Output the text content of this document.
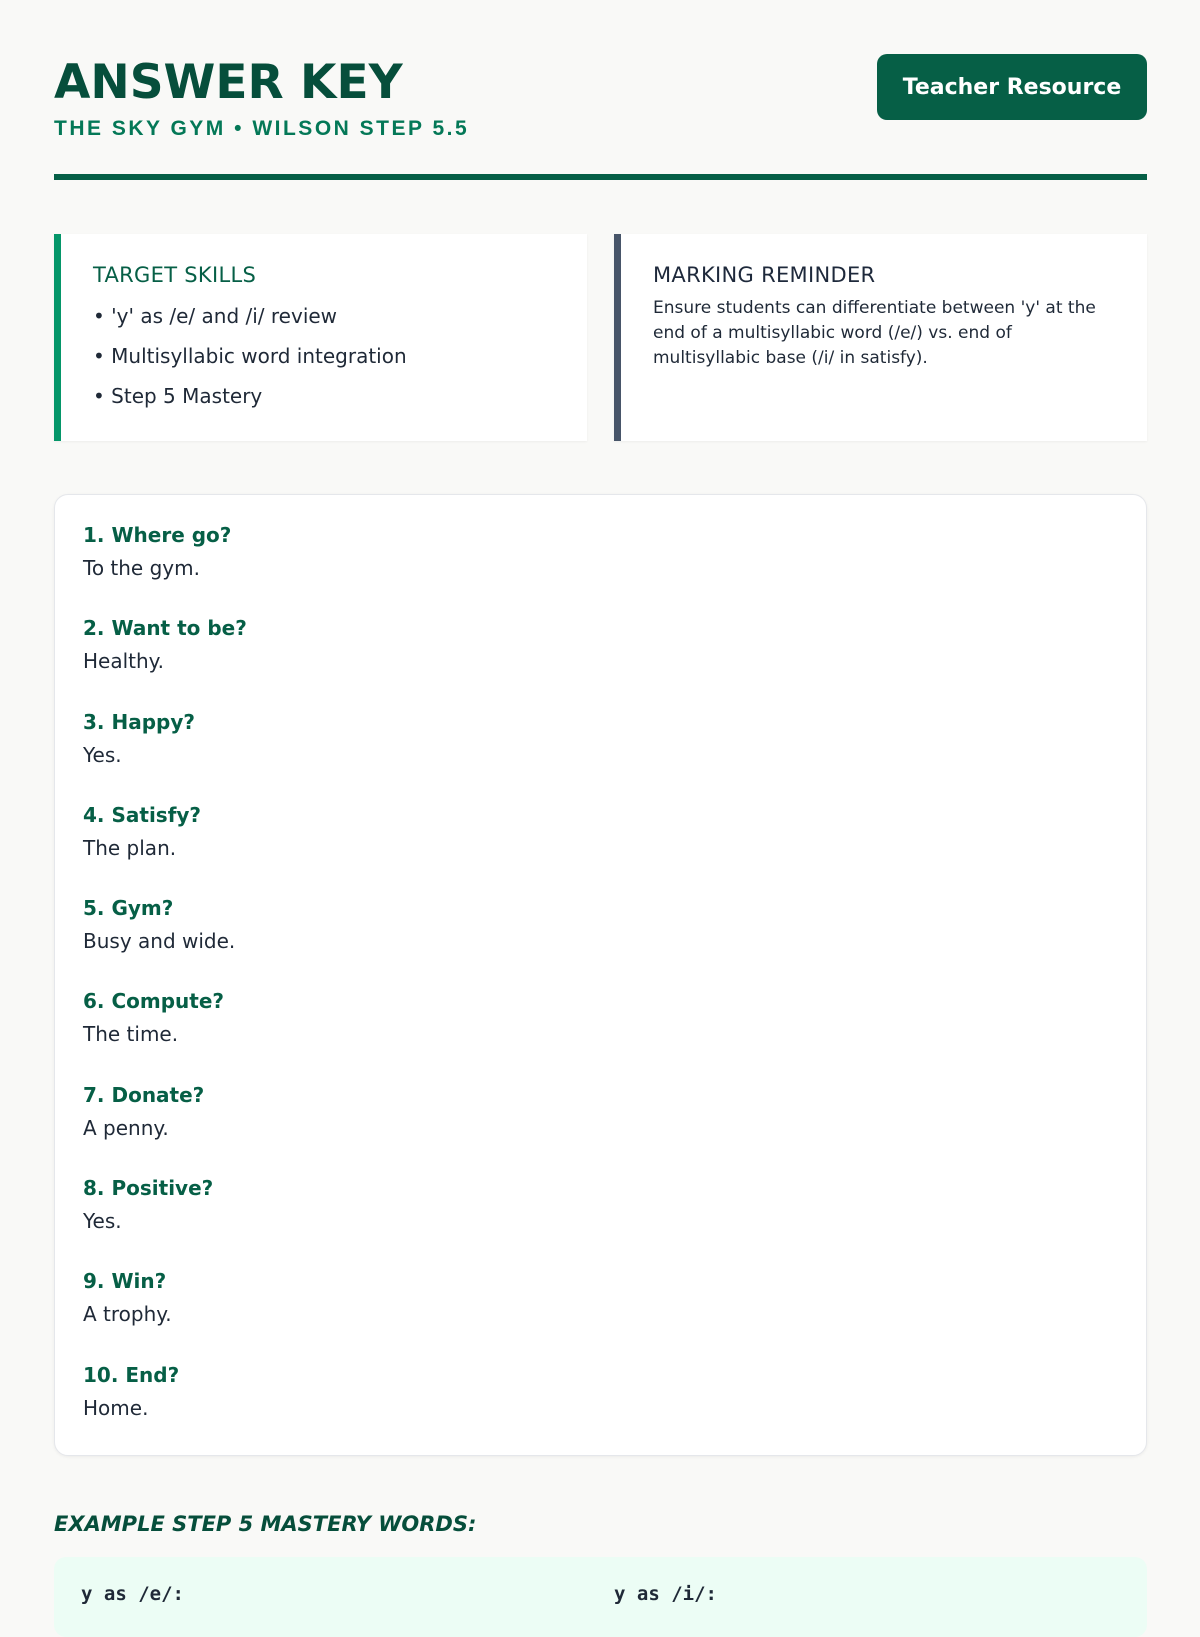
ANSWER KEY
THE SKY GYM • WILSON STEP 5.5
Teacher Resource
TARGET SKILLS
• 'y' as /e/ and /i/ review
• Multisyllabic word integration
• Step 5 Mastery
MARKING REMINDER

Ensure students can differentiate between 'y' at the end of a multisyllabic word (/e/) vs. end of multisyllabic base (/i/ in satisfy).

1. Where go?
To the gym.
2. Want to be?
Healthy.
3. Happy?
Yes.
4. Satisfy?
The plan.
5. Gym?
Busy and wide.
6. Compute?
The time.
7. Donate?
A penny.
8. Positive?
Yes.
9. Win?
A trophy.
10. End?
Home.
EXAMPLE STEP 5 MASTERY WORDS:
y as /e/:	y as /i/:
